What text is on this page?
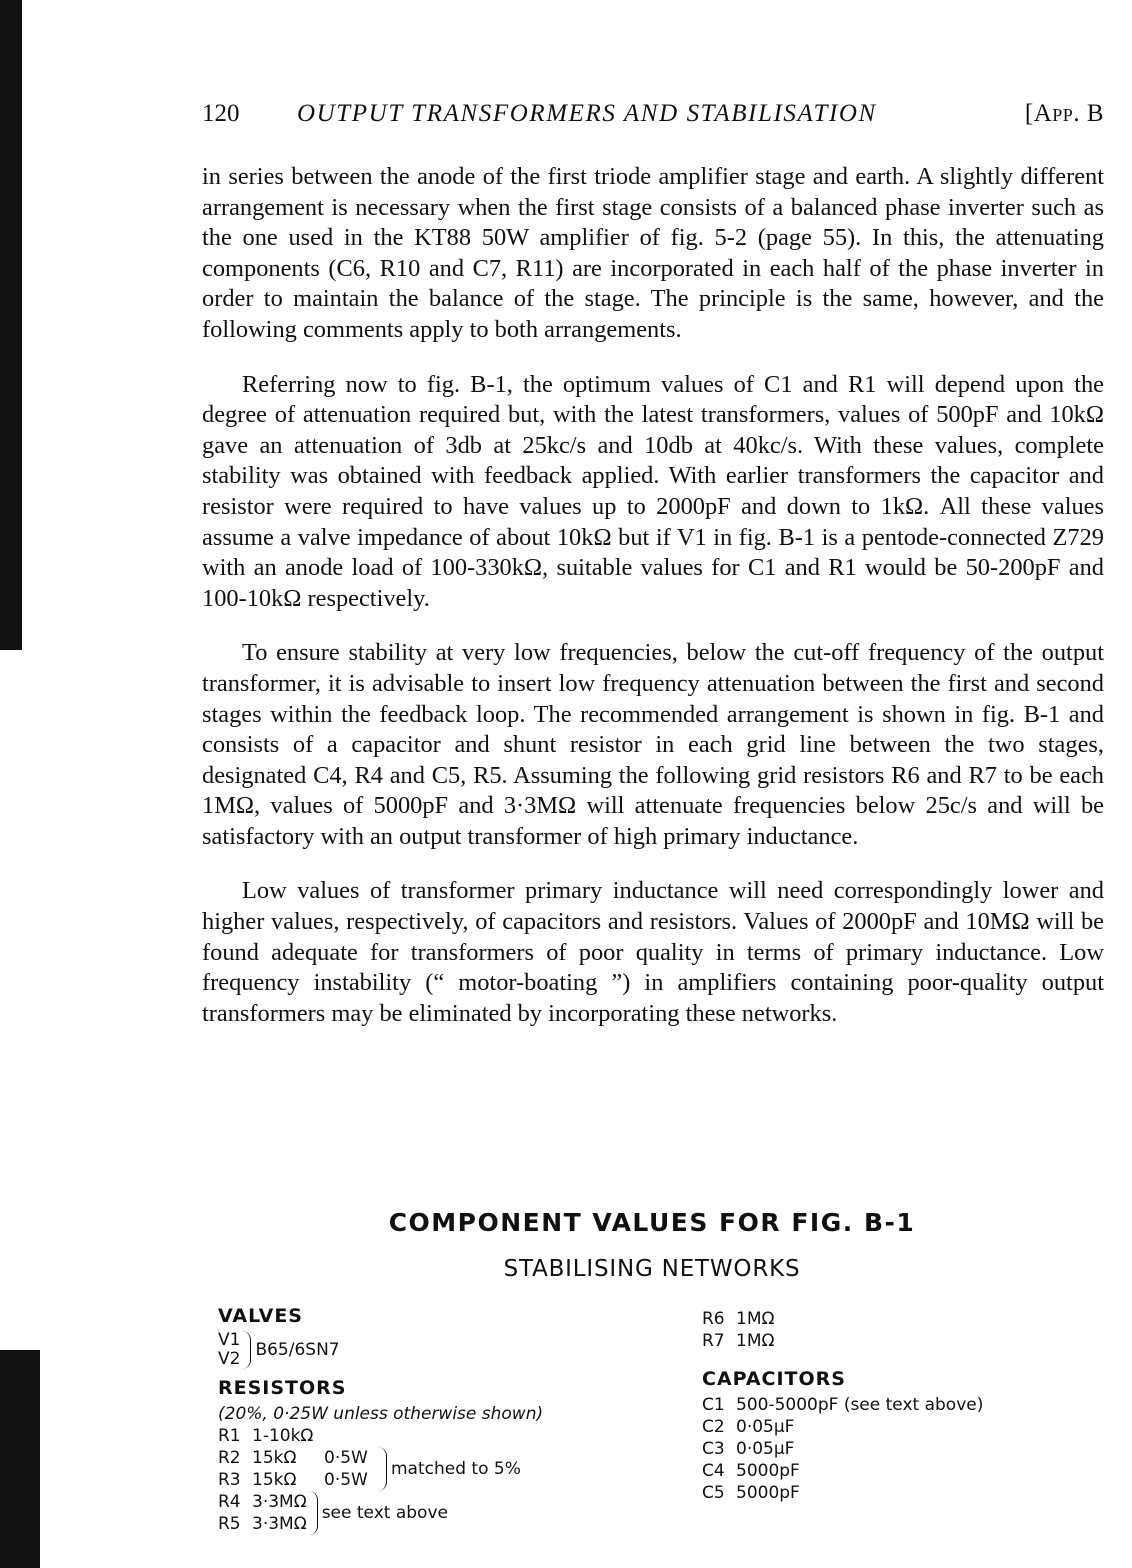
120 OUTPUT TRANSFORMERS AND STABILISATION	[App. B

in series between the anode of the first triode amplifier stage and earth. A slightly different arrangement is necessary when the first stage consists of a balanced phase inverter such as the one used in the KT88 50W amplifier of fig. 5-2 (page 55). In this, the attenuating components (C6, R10 and C7, R11) are incorporated in each half of the phase inverter in order to maintain the balance of the stage. The principle is the same, however, and the following comments apply to both arrangements.

Referring now to fig. B-1, the optimum values of C1 and R1 will depend upon the degree of attenuation required but, with the latest transformers, values of 500pF and 10kΩ gave an attenuation of 3db at 25kc/s and 10db at 40kc/s. With these values, complete stability was obtained with feedback applied. With earlier transformers the capacitor and resistor were required to have values up to 2000pF and down to 1kΩ. All these values assume a valve impedance of about 10kΩ but if V1 in fig. B-1 is a pentode-connected Z729 with an anode load of 100-330kΩ, suitable values for C1 and R1 would be 50-200pF and 100-10kΩ respectively.

To ensure stability at very low frequencies, below the cut-off frequency of the output transformer, it is advisable to insert low frequency attenuation between the first and second stages within the feedback loop. The recommended arrangement is shown in fig. B-1 and consists of a capacitor and shunt resistor in each grid line between the two stages, designated C4, R4 and C5, R5. Assuming the following grid resistors R6 and R7 to be each 1MΩ, values of 5000pF and 3·3MΩ will attenuate frequencies below 25c/s and will be satisfactory with an output transformer of high primary inductance.

Low values of transformer primary inductance will need correspondingly lower and higher values, respectively, of capacitors and resistors. Values of 2000pF and 10MΩ will be found adequate for transformers of poor quality in terms of primary inductance. Low frequency instability (“ motor-boating ”) in amplifiers containing poor-quality output transformers may be eliminated by incorporating these networks.

COMPONENT VALUES FOR FIG. B-1
STABILISING NETWORKS
VALVES
V1
V2 B65/6SN7
RESISTORS
(20%, 0·25W unless otherwise shown)
R1 1-10kΩ
R2 15kΩ 0·5W
R3 15kΩ 0·5W
matched to 5%
R4 3·3MΩ
R5 3·3MΩ
see text above
R6 1MΩ
R7 1MΩ
CAPACITORS
C1 500-5000pF (see text above)
C2 0·05μF
C3 0·05μF
C4 5000pF
C5 5000pF
